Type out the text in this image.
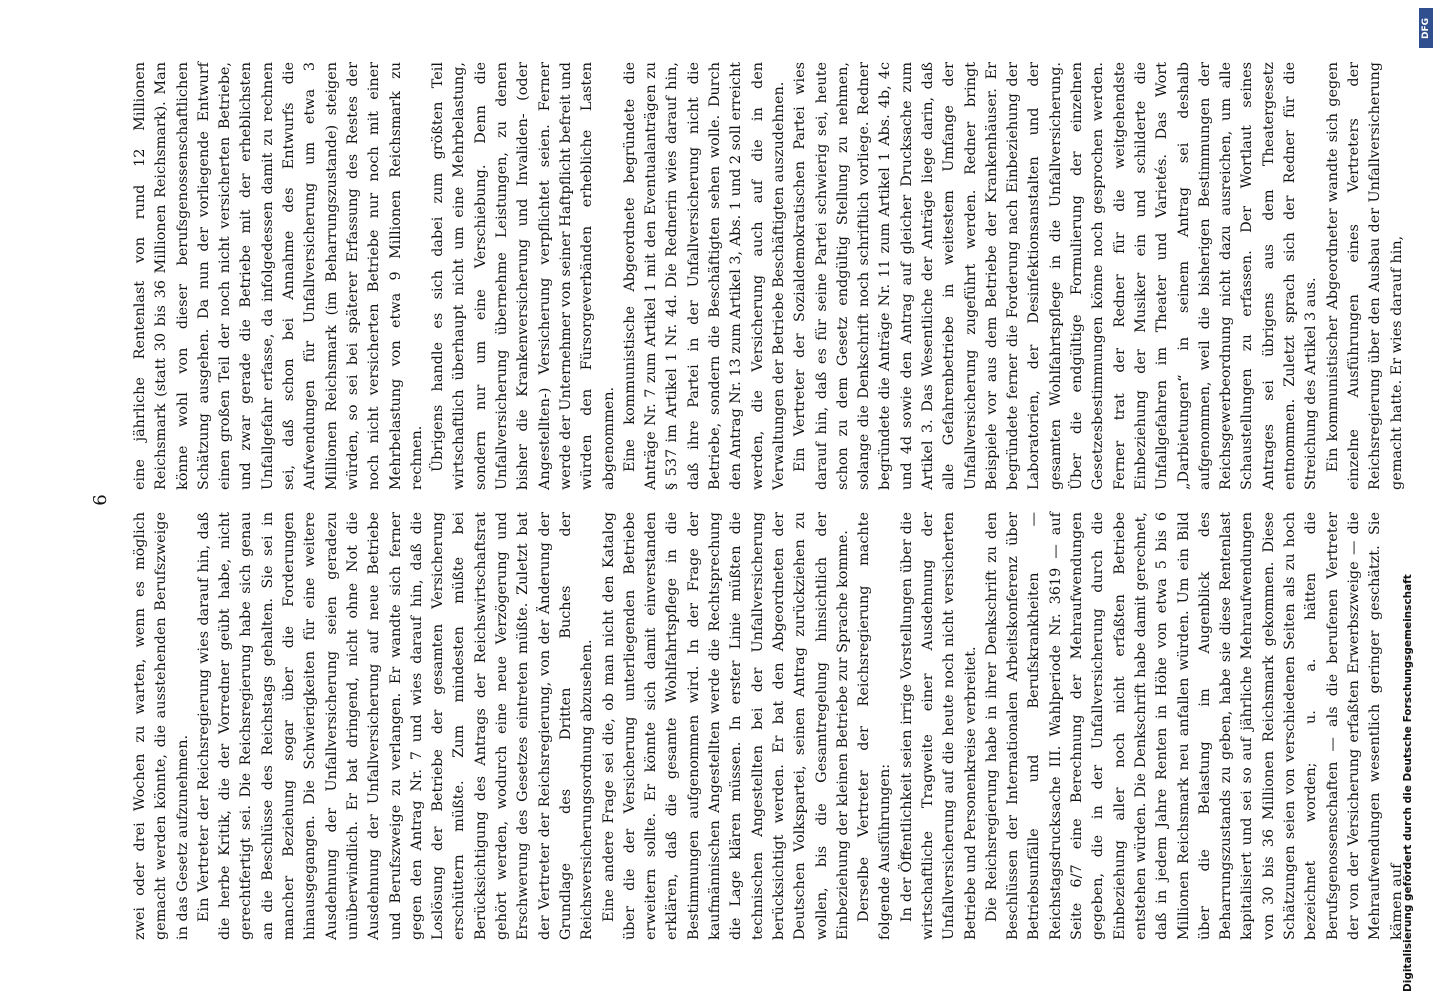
6

zwei oder drei Wochen zu warten, wenn es möglich gemacht werden könnte, die ausstehenden Berufszweige in das Gesetz aufzunehmen. Ein Vertreter der Reichsregierung wies darauf hin, daß die herbe Kritik, die der Vorredner geübt habe, nicht gerechtfertigt sei. Die Reichsregierung habe sich genau an die Beschlüsse des Reichstags gehalten. Sie sei in mancher Beziehung sogar über die Forderungen hinausgegangen. Die Schwierigkeiten für eine weitere Ausdehnung der Unfallversicherung seien geradezu unüberwindlich. Er bat dringend, nicht ohne Not die Ausdehnung der Unfallversicherung auf neue Betriebe und Berufszweige zu verlangen. Er wandte sich ferner gegen den Antrag Nr. 7 und wies darauf hin, daß die Loslösung der Betriebe der gesamten Versicherung erschüttern müßte. Zum mindesten müßte bei Berücksichtigung des Antrags der Reichswirtschaftsrat gehört werden, wodurch eine neue Verzögerung und Erschwerung des Gesetzes eintreten müßte. Zuletzt bat der Vertreter der Reichsregierung, von der Änderung der Grundlage des Dritten Buches der Reichsversicherungsordnung abzusehen. Eine andere Frage sei die, ob man nicht den Katalog über die der Versicherung unterliegenden Betriebe erweitern sollte. Er könnte sich damit einverstanden erklären, daß die gesamte Wohlfahrtspflege in die Bestimmungen aufgenommen wird. In der Frage der kaufmännischen Angestellten werde die Rechtsprechung die Lage klären müssen. In erster Linie müßten die technischen Angestellten bei der Unfallversicherung berücksichtigt werden. Er bat den Abgeordneten der Deutschen Volkspartei, seinen Antrag zurückziehen zu wollen, bis die Gesamtregelung hinsichtlich der Einbeziehung der kleinen Betriebe zur Sprache komme. Derselbe Vertreter der Reichsregierung machte folgende Ausführungen: In der Öffentlichkeit seien irrige Vorstellungen über die wirtschaftliche Tragweite einer Ausdehnung der Unfallversicherung auf die heute noch nicht versicherten Betriebe und Personenkreise verbreitet. Die Reichsregierung habe in ihrer Denkschrift zu den Beschlüssen der Internationalen Arbeitskonferenz über Betriebsunfälle und Berufskrankheiten — Reichstagsdrucksache III. Wahlperiode Nr. 3619 — auf Seite 6/7 eine Berechnung der Mehraufwendungen gegeben, die in der Unfallversicherung durch die Einbeziehung aller noch nicht erfaßten Betriebe entstehen würden. Die Denkschrift habe damit gerechnet, daß in jedem Jahre Renten in Höhe von etwa 5 bis 6 Millionen Reichsmark neu anfallen würden. Um ein Bild über die Belastung im Augenblick des Beharrungszustands zu geben, habe sie diese Rentenlast kapitalisiert und sei so auf jährliche Mehraufwendungen von 30 bis 36 Millionen Reichsmark gekommen. Diese Schätzungen seien von verschiedenen Seiten als zu hoch bezeichnet worden; u. a. hätten die Berufsgenossenschaften — als die berufenen Vertreter der von der Versicherung erfaßten Erwerbszweige — die Mehraufwendungen wesentlich geringer geschätzt. Sie kämen auf

eine jährliche Rentenlast von rund 12 Millionen Reichsmark (statt 30 bis 36 Millionen Reichsmark). Man könne wohl von dieser berufsgenossenschaftlichen Schätzung ausgehen. Da nun der vorliegende Entwurf einen großen Teil der noch nicht versicherten Betriebe, und zwar gerade die Betriebe mit der erheblichsten Unfallgefahr erfasse, da infolgedessen damit zu rechnen sei, daß schon bei Annahme des Entwurfs die Aufwendungen für Unfallversicherung um etwa 3 Millionen Reichsmark (im Beharrungszustande) steigen würden, so sei bei späterer Erfassung des Restes der noch nicht versicherten Betriebe nur noch mit einer Mehrbelastung von etwa 9 Millionen Reichsmark zu rechnen. Übrigens handle es sich dabei zum größten Teil wirtschaftlich überhaupt nicht um eine Mehrbelastung, sondern nur um eine Verschiebung. Denn die Unfallversicherung übernehme Leistungen, zu denen bisher die Krankenversicherung und Invaliden- (oder Angestellten-) Versicherung verpflichtet seien. Ferner werde der Unternehmer von seiner Haftpflicht befreit und würden den Fürsorgeverbänden erhebliche Lasten abgenommen. Eine kommunistische Abgeordnete begründete die Anträge Nr. 7 zum Artikel 1 mit den Eventualanträgen zu § 537 im Artikel 1 Nr. 4d. Die Rednerin wies darauf hin, daß ihre Partei in der Unfallversicherung nicht die Betriebe, sondern die Beschäftigten sehen wolle. Durch den Antrag Nr. 13 zum Artikel 3, Abs. 1 und 2 soll erreicht werden, die Versicherung auch auf die in den Verwaltungen der Betriebe Beschäftigten auszudehnen. Ein Vertreter der Sozialdemokratischen Partei wies darauf hin, daß es für seine Partei schwierig sei, heute schon zu dem Gesetz endgültig Stellung zu nehmen, solange die Denkschrift noch schriftlich vorliege. Redner begründete die Anträge Nr. 11 zum Artikel 1 Abs. 4b, 4c und 4d sowie den Antrag auf gleicher Drucksache zum Artikel 3. Das Wesentliche der Anträge liege darin, daß alle Gefahrenbetriebe in weitestem Umfange der Unfallversicherung zugeführt werden. Redner bringt Beispiele vor aus dem Betriebe der Krankenhäuser. Er begründete ferner die Forderung nach Einbeziehung der Laboratorien, der Desinfektionsanstalten und der gesamten Wohlfahrtspflege in die Unfallversicherung. Über die endgültige Formulierung der einzelnen Gesetzesbestimmungen könne noch gesprochen werden. Ferner trat der Redner für die weitgehendste Einbeziehung der Musiker ein und schilderte die Unfallgefahren im Theater und Varietés. Das Wort „Darbietungen“ in seinem Antrag sei deshalb aufgenommen, weil die bisherigen Bestimmungen der Reichsgewerbeordnung nicht dazu ausreichen, um alle Schaustellungen zu erfassen. Der Wortlaut seines Antrages sei übrigens aus dem Theatergesetz entnommen. Zuletzt sprach sich der Redner für die Streichung des Artikel 3 aus. Ein kommunistischer Abgeordneter wandte sich gegen einzelne Ausführungen eines Vertreters der Reichsregierung über den Ausbau der Unfallversicherung gemacht hatte. Er wies darauf hin,

Digitalisierung gefördert durch die Deutsche Forschungsgemeinschaft
DFG
